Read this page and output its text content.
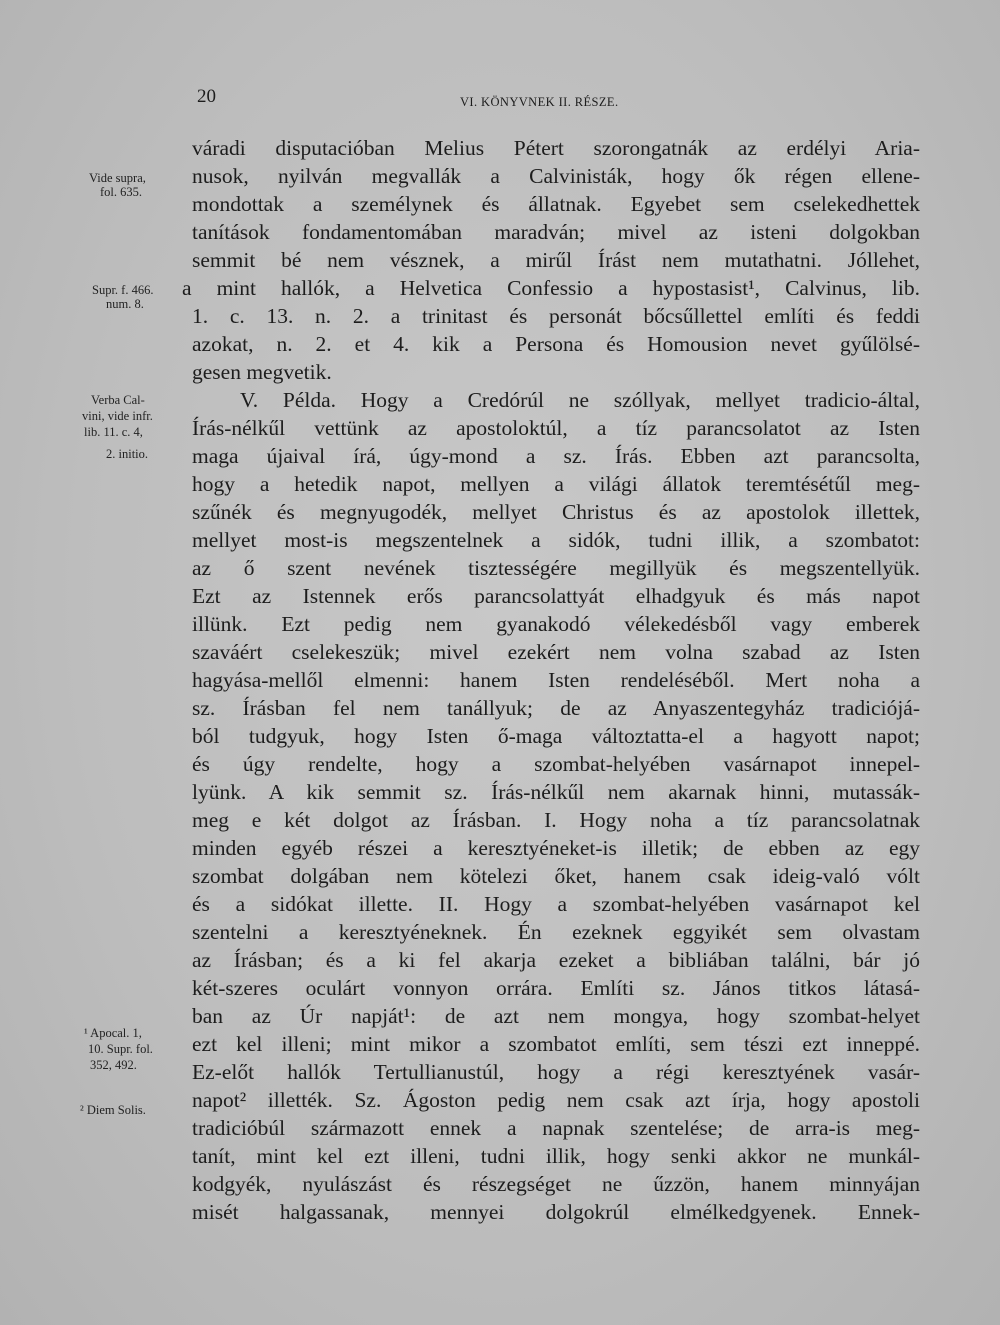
20	VI. KÖNYVNEK II. RÉSZE.
Vide supra,
fol. 635.
Supr. f. 466.
num. 8.
Verba Cal-
vini, vide infr.
lib. 11. c. 4,
2. initio.
¹ Apocal. 1,
10. Supr. fol.
352, 492.
² Diem Solis.
váradi disputacióban Melius Pétert szorongatnák az erdélyi Aria-
nusok, nyilván megvallák a Calvinisták, hogy ők régen ellene-
mondottak a személynek és állatnak. Egyebet sem cselekedhettek
tanítások fondamentomában maradván; mivel az isteni dolgokban
semmit bé nem vésznek, a mirűl Írást nem mutathatni. Jóllehet,
a mint hallók, a Helvetica Confessio a hypostasist¹, Calvinus, lib.
1. c. 13. n. 2. a trinitast és personát bőcsűllettel említi és feddi
azokat, n. 2. et 4. kik a Persona és Homousion nevet gyűlölsé-
gesen megvetik.
V. Példa. Hogy a Credórúl ne szóllyak, mellyet tradicio-által,
Írás-nélkűl vettünk az apostoloktúl, a tíz parancsolatot az Isten
maga újaival írá, úgy-mond a sz. Írás. Ebben azt parancsolta,
hogy a hetedik napot, mellyen a világi állatok teremtésétűl meg-
szűnék és megnyugodék, mellyet Christus és az apostolok illettek,
mellyet most-is megszentelnek a sidók, tudni illik, a szombatot:
az ő szent nevének tisztességére megillyük és megszentellyük.
Ezt az Istennek erős parancsolattyát elhadgyuk és más napot
illünk. Ezt pedig nem gyanakodó vélekedésből vagy emberek
szaváért cselekeszük; mivel ezekért nem volna szabad az Isten
hagyása-mellől elmenni: hanem Isten rendeléséből. Mert noha a
sz. Írásban fel nem tanállyuk; de az Anyaszentegyház tradiciójá-
ból tudgyuk, hogy Isten ő-maga változtatta-el a hagyott napot;
és úgy rendelte, hogy a szombat-helyében vasárnapot innepel-
lyünk. A kik semmit sz. Írás-nélkűl nem akarnak hinni, mutassák-
meg e két dolgot az Írásban. I. Hogy noha a tíz parancsolatnak
minden egyéb részei a keresztyéneket-is illetik; de ebben az egy
szombat dolgában nem kötelezi őket, hanem csak ideig-való vólt
és a sidókat illette. II. Hogy a szombat-helyében vasárnapot kel
szentelni a keresztyéneknek. Én ezeknek eggyikét sem olvastam
az Írásban; és a ki fel akarja ezeket a bibliában találni, bár jó
két-szeres oculárt vonnyon orrára. Említi sz. János titkos látasá-
ban az Úr napját¹: de azt nem mongya, hogy szombat-helyet
ezt kel illeni; mint mikor a szombatot említi, sem tészi ezt inneppé.
Ez-előt hallók Tertullianustúl, hogy a régi keresztyének vasár-
napot² illették. Sz. Ágoston pedig nem csak azt írja, hogy apostoli
tradicióbúl származott ennek a napnak szentelése; de arra-is meg-
tanít, mint kel ezt illeni, tudni illik, hogy senki akkor ne munkál-
kodgyék, nyulászást és részegséget ne űzzön, hanem minnyájan
misét halgassanak, mennyei dolgokrúl elmélkedgyenek. Ennek-
